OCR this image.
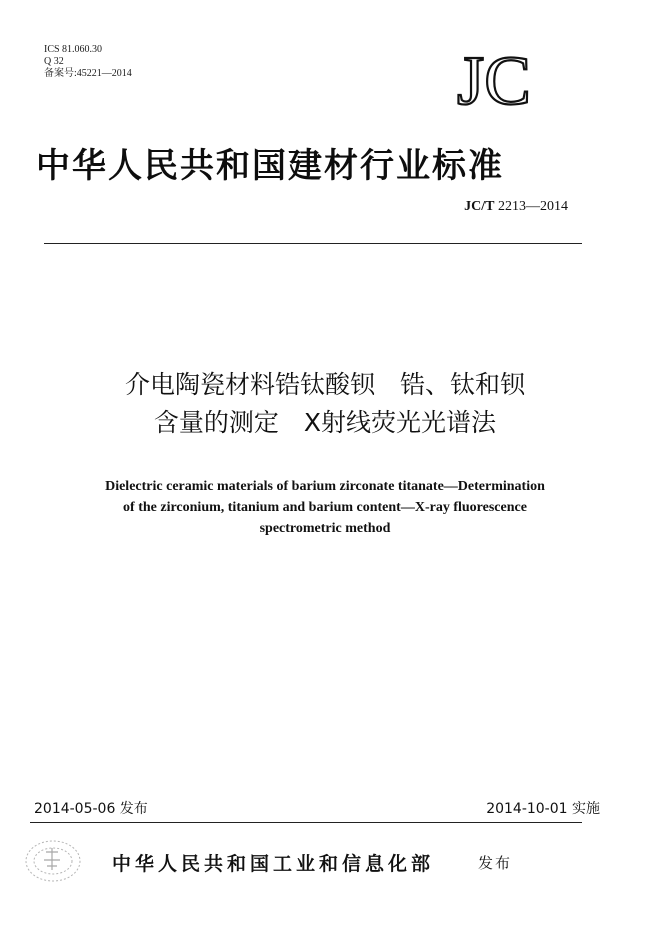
ICS 81.060.30
Q 32
备案号:45221—2014	JC
中华人民共和国建材行业标准
JC/T 2213—2014
介电陶瓷材料锆钛酸钡　锆、钛和钡
含量的测定　X射线荧光光谱法
Dielectric ceramic materials of barium zirconate titanate—Determination
of the zirconium, titanium and barium content—X-ray fluorescence
spectrometric method
2014-05-06 发布	2014-10-01 实施
中华人民共和国工业和信息化部	发布
